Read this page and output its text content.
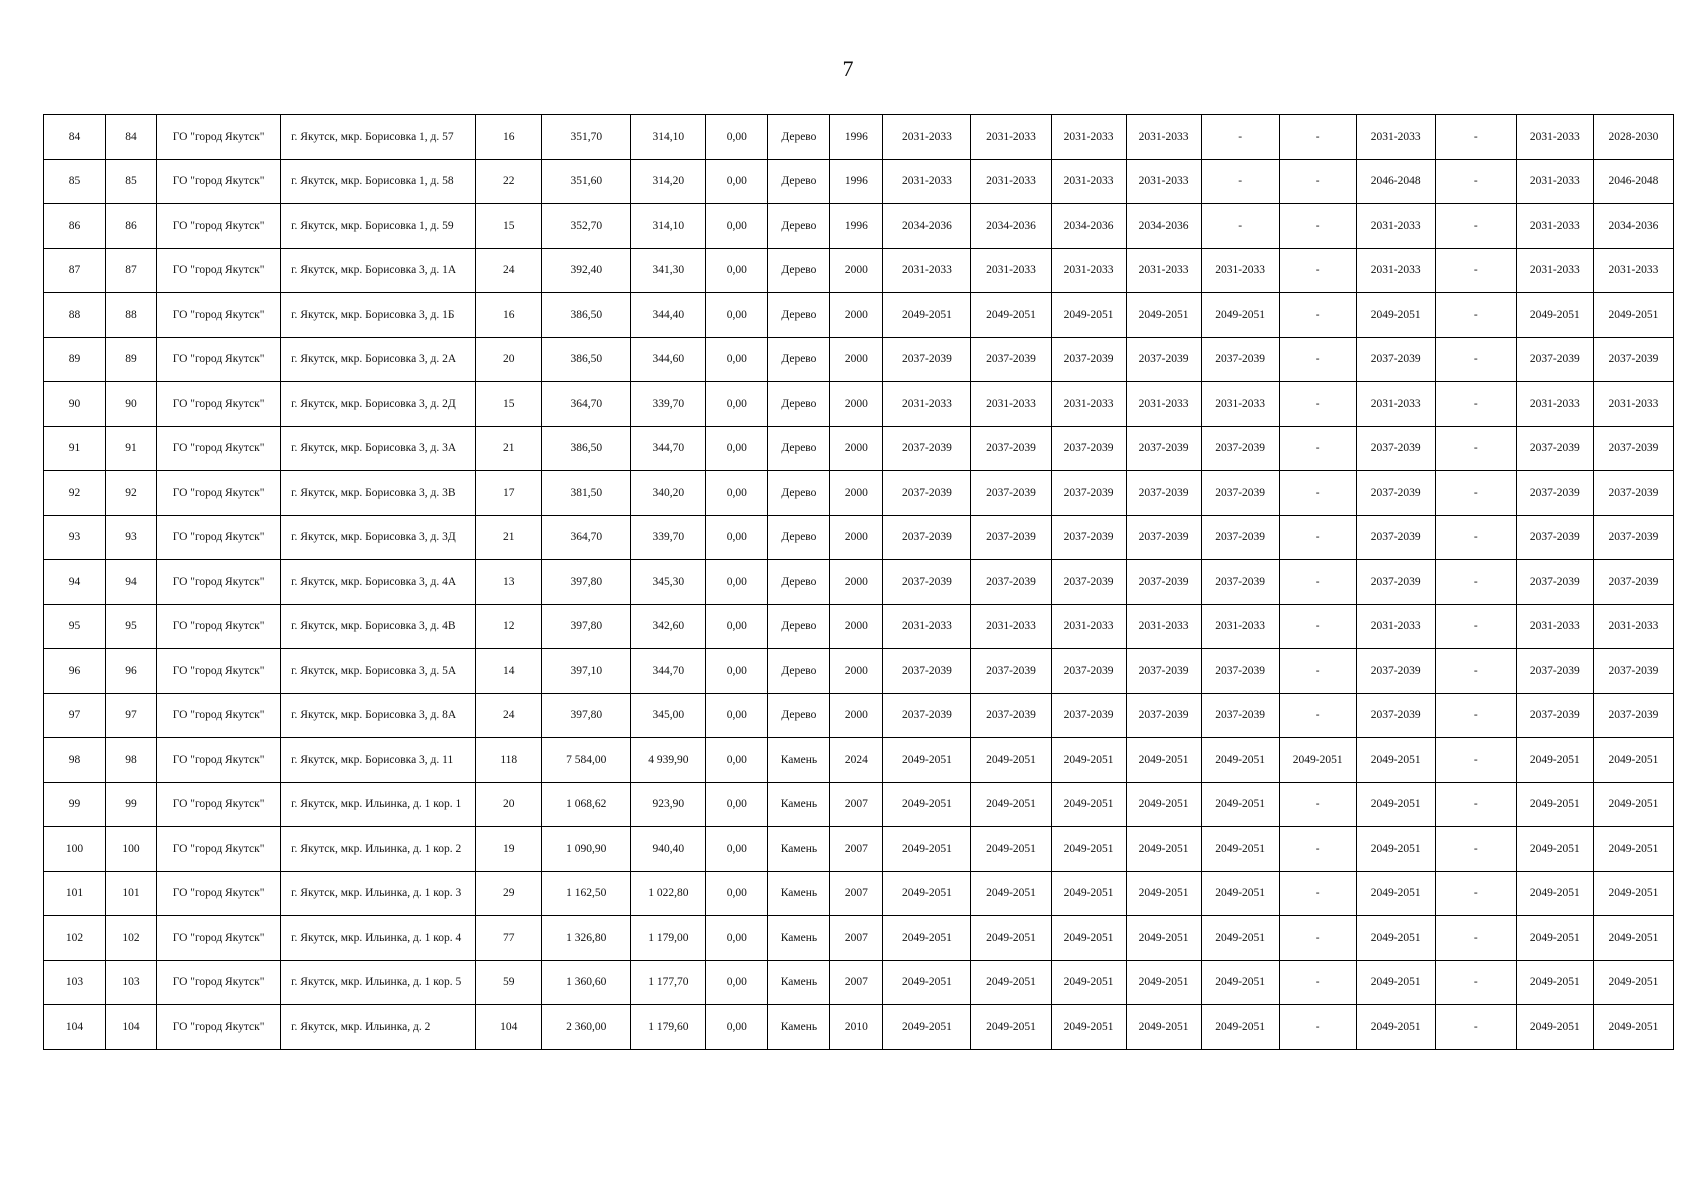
7
84	84	ГО "город Якутск"	г. Якутск, мкр. Борисовка 1, д. 57	16	351,70	314,10	0,00	Дерево	1996	2031-2033	2031-2033	2031-2033	2031-2033	-	-	2031-2033	-	2031-2033	2028-2030
85	85	ГО "город Якутск"	г. Якутск, мкр. Борисовка 1, д. 58	22	351,60	314,20	0,00	Дерево	1996	2031-2033	2031-2033	2031-2033	2031-2033	-	-	2046-2048	-	2031-2033	2046-2048
86	86	ГО "город Якутск"	г. Якутск, мкр. Борисовка 1, д. 59	15	352,70	314,10	0,00	Дерево	1996	2034-2036	2034-2036	2034-2036	2034-2036	-	-	2031-2033	-	2031-2033	2034-2036
87	87	ГО "город Якутск"	г. Якутск, мкр. Борисовка 3, д. 1А	24	392,40	341,30	0,00	Дерево	2000	2031-2033	2031-2033	2031-2033	2031-2033	2031-2033	-	2031-2033	-	2031-2033	2031-2033
88	88	ГО "город Якутск"	г. Якутск, мкр. Борисовка 3, д. 1Б	16	386,50	344,40	0,00	Дерево	2000	2049-2051	2049-2051	2049-2051	2049-2051	2049-2051	-	2049-2051	-	2049-2051	2049-2051
89	89	ГО "город Якутск"	г. Якутск, мкр. Борисовка 3, д. 2А	20	386,50	344,60	0,00	Дерево	2000	2037-2039	2037-2039	2037-2039	2037-2039	2037-2039	-	2037-2039	-	2037-2039	2037-2039
90	90	ГО "город Якутск"	г. Якутск, мкр. Борисовка 3, д. 2Д	15	364,70	339,70	0,00	Дерево	2000	2031-2033	2031-2033	2031-2033	2031-2033	2031-2033	-	2031-2033	-	2031-2033	2031-2033
91	91	ГО "город Якутск"	г. Якутск, мкр. Борисовка 3, д. 3А	21	386,50	344,70	0,00	Дерево	2000	2037-2039	2037-2039	2037-2039	2037-2039	2037-2039	-	2037-2039	-	2037-2039	2037-2039
92	92	ГО "город Якутск"	г. Якутск, мкр. Борисовка 3, д. 3В	17	381,50	340,20	0,00	Дерево	2000	2037-2039	2037-2039	2037-2039	2037-2039	2037-2039	-	2037-2039	-	2037-2039	2037-2039
93	93	ГО "город Якутск"	г. Якутск, мкр. Борисовка 3, д. 3Д	21	364,70	339,70	0,00	Дерево	2000	2037-2039	2037-2039	2037-2039	2037-2039	2037-2039	-	2037-2039	-	2037-2039	2037-2039
94	94	ГО "город Якутск"	г. Якутск, мкр. Борисовка 3, д. 4А	13	397,80	345,30	0,00	Дерево	2000	2037-2039	2037-2039	2037-2039	2037-2039	2037-2039	-	2037-2039	-	2037-2039	2037-2039
95	95	ГО "город Якутск"	г. Якутск, мкр. Борисовка 3, д. 4В	12	397,80	342,60	0,00	Дерево	2000	2031-2033	2031-2033	2031-2033	2031-2033	2031-2033	-	2031-2033	-	2031-2033	2031-2033
96	96	ГО "город Якутск"	г. Якутск, мкр. Борисовка 3, д. 5А	14	397,10	344,70	0,00	Дерево	2000	2037-2039	2037-2039	2037-2039	2037-2039	2037-2039	-	2037-2039	-	2037-2039	2037-2039
97	97	ГО "город Якутск"	г. Якутск, мкр. Борисовка 3, д. 8А	24	397,80	345,00	0,00	Дерево	2000	2037-2039	2037-2039	2037-2039	2037-2039	2037-2039	-	2037-2039	-	2037-2039	2037-2039
98	98	ГО "город Якутск"	г. Якутск, мкр. Борисовка 3, д. 11	118	7 584,00	4 939,90	0,00	Камень	2024	2049-2051	2049-2051	2049-2051	2049-2051	2049-2051	2049-2051	2049-2051	-	2049-2051	2049-2051
99	99	ГО "город Якутск"	г. Якутск, мкр. Ильинка, д. 1 кор. 1	20	1 068,62	923,90	0,00	Камень	2007	2049-2051	2049-2051	2049-2051	2049-2051	2049-2051	-	2049-2051	-	2049-2051	2049-2051
100	100	ГО "город Якутск"	г. Якутск, мкр. Ильинка, д. 1 кор. 2	19	1 090,90	940,40	0,00	Камень	2007	2049-2051	2049-2051	2049-2051	2049-2051	2049-2051	-	2049-2051	-	2049-2051	2049-2051
101	101	ГО "город Якутск"	г. Якутск, мкр. Ильинка, д. 1 кор. 3	29	1 162,50	1 022,80	0,00	Камень	2007	2049-2051	2049-2051	2049-2051	2049-2051	2049-2051	-	2049-2051	-	2049-2051	2049-2051
102	102	ГО "город Якутск"	г. Якутск, мкр. Ильинка, д. 1 кор. 4	77	1 326,80	1 179,00	0,00	Камень	2007	2049-2051	2049-2051	2049-2051	2049-2051	2049-2051	-	2049-2051	-	2049-2051	2049-2051
103	103	ГО "город Якутск"	г. Якутск, мкр. Ильинка, д. 1 кор. 5	59	1 360,60	1 177,70	0,00	Камень	2007	2049-2051	2049-2051	2049-2051	2049-2051	2049-2051	-	2049-2051	-	2049-2051	2049-2051
104	104	ГО "город Якутск"	г. Якутск, мкр. Ильинка, д. 2	104	2 360,00	1 179,60	0,00	Камень	2010	2049-2051	2049-2051	2049-2051	2049-2051	2049-2051	-	2049-2051	-	2049-2051	2049-2051
